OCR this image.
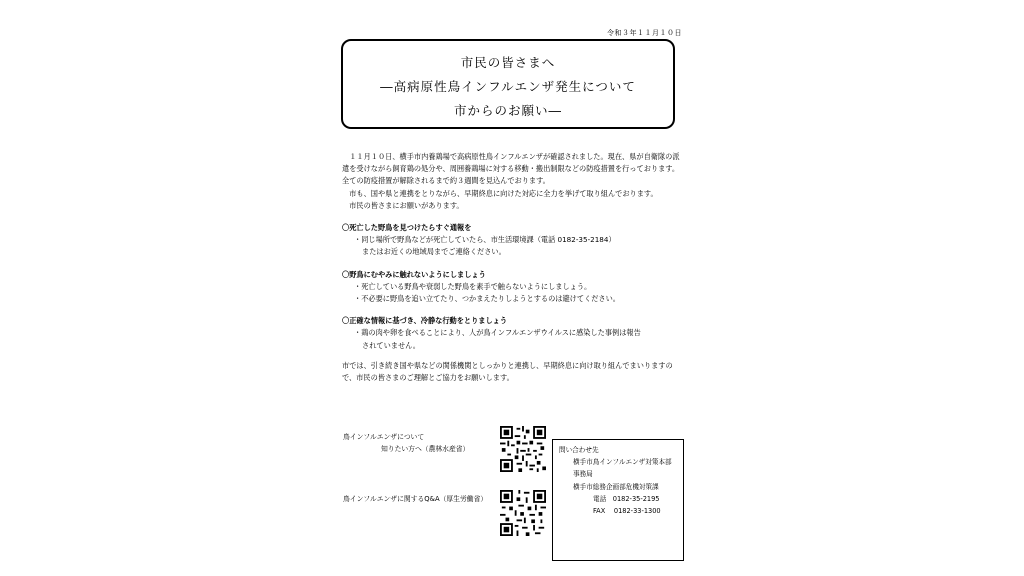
令和３年１１月１０日
市民の皆さまへ
―高病原性鳥インフルエンザ発生について
市からのお願い―

１１月１０日、横手市内養鶏場で高病原性鳥インフルエンザが確認されました。現在、県が自衛隊の派遣を受けながら飼育鶏の処分や、周囲養鶏場に対する移動・搬出制限などの防疫措置を行っております。全ての防疫措置が解除されるまで約３週間を見込んでおります。

市も、国や県と連携をとりながら、早期終息に向けた対応に全力を挙げて取り組んでおります。

市民の皆さまにお願いがあります。

〇死亡した野鳥を見つけたらすぐ通報を

・同じ場所で野鳥などが死亡していたら、市生活環境課（電話 0182-35-2184）

またはお近くの地域局までご連絡ください。

〇野鳥にむやみに触れないようにしましょう

・死亡している野鳥や衰弱した野鳥を素手で触らないようにしましょう。

・不必要に野鳥を追い立てたり、つかまえたりしようとするのは避けてください。

〇正確な情報に基づき、冷静な行動をとりましょう

・鶏の肉や卵を食べることにより、人が鳥インフルエンザウイルスに感染した事例は報告

されていません。

市では、引き続き国や県などの関係機関としっかりと連携し、早期終息に向け取り組んでまいりますので、市民の皆さまのご理解とご協力をお願いします。

鳥インフルエンザについて
知りたい方へ（農林水産省）
鳥インフルエンザに関するQ&A（厚生労働省）
問い合わせ先
横手市鳥インフルエンザ対策本部
事務局
横手市総務企画部危機対策課
電話　0182-35-2195
FAX　 0182-33-1300
